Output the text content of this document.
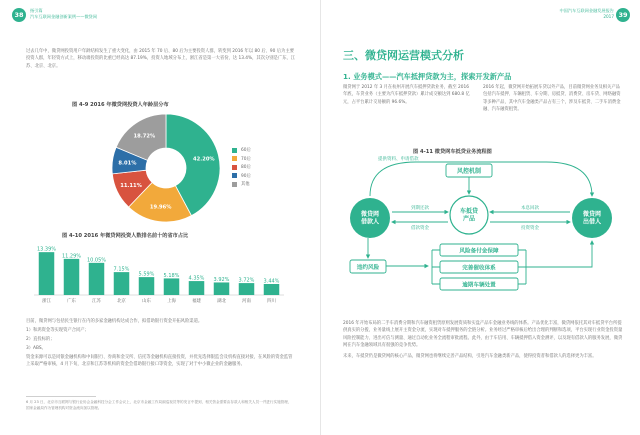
38
指引篇
汽车互联网金融创新案例——微贷网

过去几年中，微贷网投资用户年龄结构发生了重大变化，由 2015 年 70 后、80 后为主要投资人群，转变到 2016 年以 80 后、90 后为主要投资人群，年轻资方式上，移动端投资的比重已经高达 87.19%，投资人地域分布上，浙江省是第一大省份，达 13.4%，其次分别是广东、江苏、北京、北京。

图 4-9 2016 年微贷网投资人年龄层分布
42.20%
19.96%
11.11%
8.01%
18.72%
60后
70后
80后
90后
其他
图 4-10 2016 年微贷网投资人数排名前十的省市占比
13.39%
浙江
11.29%
广东
10.05%
江苏
7.15%
北京
5.59%
山东
5.18%
上海
4.35%
福建
3.92%
湖北
3.72%
河南
3.44%
四川

目前，微贷网与包括民生银行在内的多家金融机构达成合作，拟借助银行资金开拓风险渠道。

1）和鸿资金等实现资产合同产；

2）直投标的；

3）ABS。

资金来源可以是同银金融机构和中间银行、券商和金交所、信托等金融机构直接投资，并优先选择银监会及机构直接对接，在风险的资金监管上采取严格审核，4 月下旬，北京和江苏等机构的资金会借助银行接口等资金，实现了对于中小微企业的金融服务。

6 月 23 日，北京市互联网与银行业协会金融科技分会工作会议上，北京市金融工作局副巡视员等的发言中提到，相关资金需要由存款人和相关人员一并进行实施管理，国家金融局作为管理机构对资金流向加以管理。
中国汽车互联网金融发展报告
2017 39
三、微贷网运营模式分析
1. 业务模式——汽车抵押贷款为主，探索开发新产品
微贷网于 2012 年 3 月在杭州开展汽车抵押贷款业务，截至 2016 年底，车贷业务（主要为汽车抵押贷款）累计成交额达到 680.8 亿元，占平台累计交易额的 96.6%。
2016 年起，微贷网开始拓展车贷以外产品，目前微贷网业务及相关产品包括汽车抵押、车辆租赁、车分期、房抵贷、消费贷、房车贷、网络融资等多种产品，其中汽车金融类产品占有三个，涉及车抵贷、二手车消费金融、汽车融资租赁。
图 4-11 微贷网车抵贷业务流程图
提供资料、申请借款
风控机制
微贷网借款人
微贷网出借人
车抵贷产品
到期还款
借款资金
本息回款
投资资金
违约风险
风险备付金保障
完善催收体系
逾期车辆处置

2016 年开始布局的二手车消费分期和汽车融资租赁原则发展资质和实盘产品车金融业务线的体系。产品优化丰富，微贷网依托其对车抵贷平台所提供真实的分拨，业务量线上展开主资金分流，实现对车抵押服务的全链分析。业务经过严格审核后给出合理的判断和选项，平台实现行业资金投资量风险控制能力、进出可信与测量、通过自动化业务全流程审批流程。此外，由于车信用、车辆抵押借入资金测评，以及现有借款人的服务发展，微贷网在汽车金融领域具有很强的竞争优势。

未来，车抵贷仍是微贷网的核心产品，微贷网也将继续完善产品结构，引进汽车金融类新产品，使得投资者和借款人的选择更为丰富。
